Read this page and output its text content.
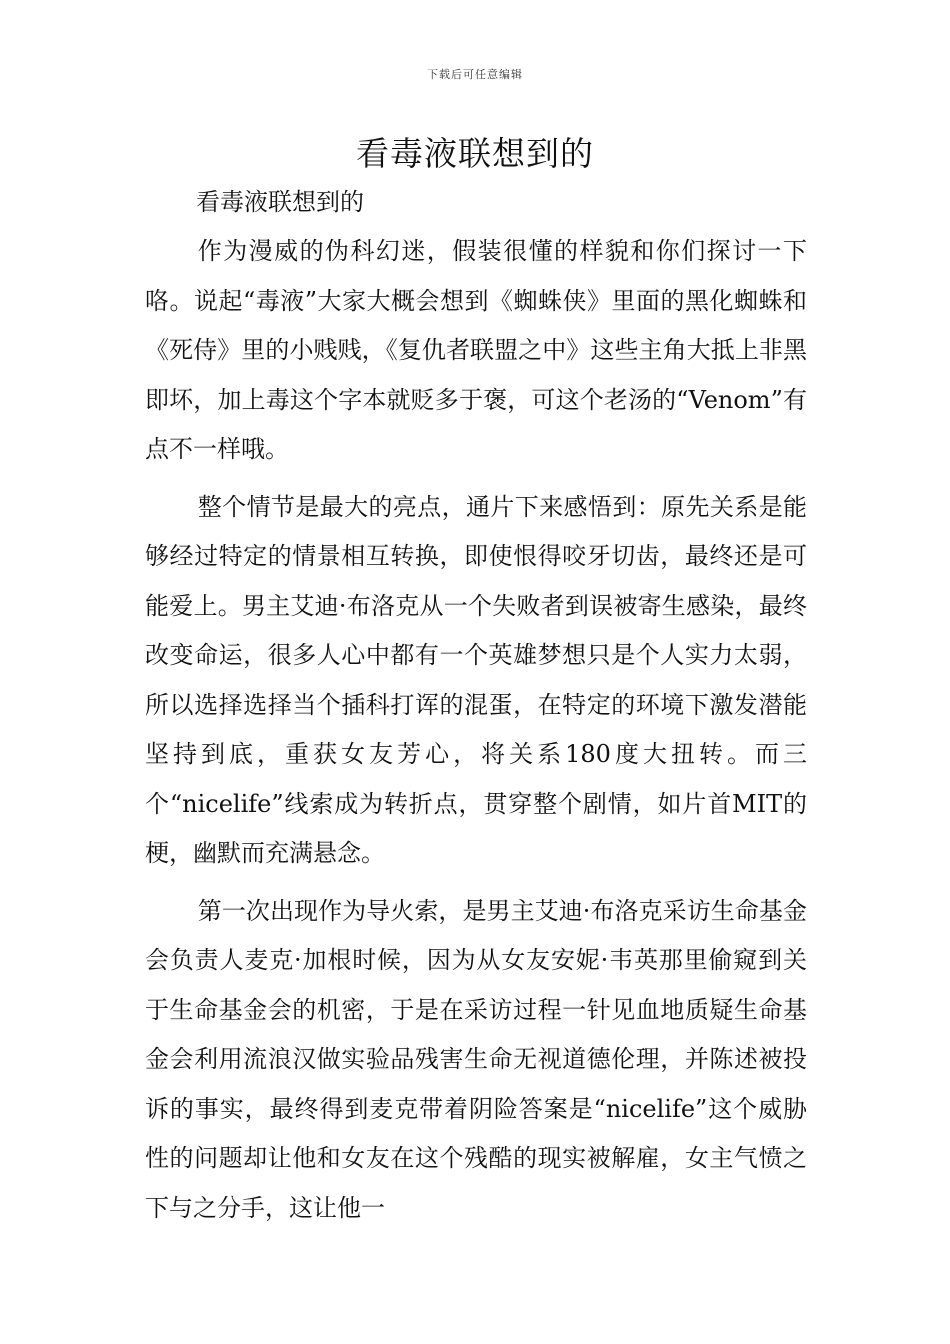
下载后可任意编辑
看毒液联想到的
看毒液联想到的

作为漫威的伪科幻迷，假装很懂的样貌和你们探讨一下咯。说起“毒液”大家大概会想到《蜘蛛侠》里面的黑化蜘蛛和《死侍》里的小贱贱，《复仇者联盟之中》这些主角大抵上非黑即坏，加上毒这个字本就贬多于褒，可这个老汤的“Venom”有点不一样哦。

整个情节是最大的亮点，通片下来感悟到：原先关系是能够经过特定的情景相互转换，即使恨得咬牙切齿，最终还是可能爱上。男主艾迪·布洛克从一个失败者到误被寄生感染，最终改变命运，很多人心中都有一个英雄梦想只是个人实力太弱，所以选择选择当个插科打诨的混蛋，在特定的环境下激发潜能坚持到底，重获女友芳心，将关系180度大扭转。而三个“nicelife”线索成为转折点，贯穿整个剧情，如片首MIT的梗，幽默而充满悬念。

第一次出现作为导火索，是男主艾迪·布洛克采访生命基金会负责人麦克·加根时候，因为从女友安妮·韦英那里偷窥到关于生命基金会的机密，于是在采访过程一针见血地质疑生命基金会利用流浪汉做实验品残害生命无视道德伦理，并陈述被投诉的事实，最终得到麦克带着阴险答案是“nicelife”这个威胁性的问题却让他和女友在这个残酷的现实被解雇，女主气愤之下与之分手，这让他一
